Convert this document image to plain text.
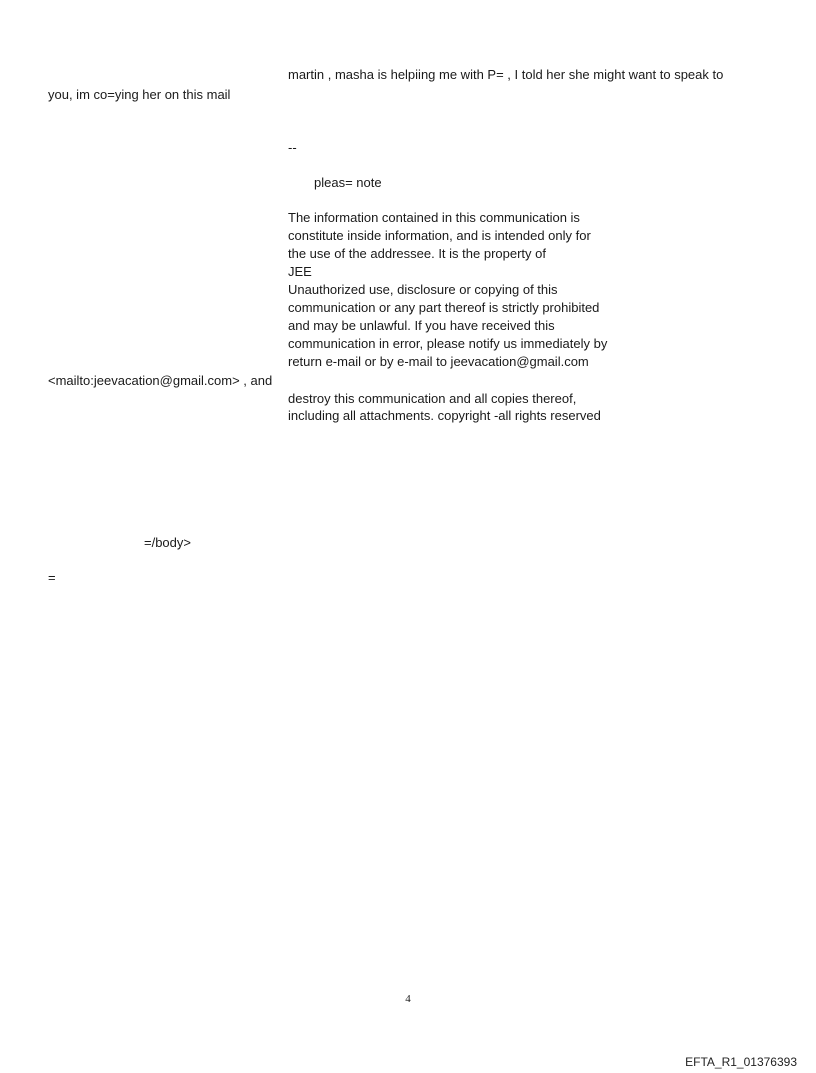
martin , masha is helpiing me with P= , I told her she might want to speak to
you, im co=ying her on this mail
--
pleas= note
The information contained in this communication is
constitute inside information, and is intended only for
the use of the addressee. It is the property of
JEE
Unauthorized use, disclosure or copying of this
communication or any part thereof is strictly prohibited
and may be unlawful. If you have received this
communication in error, please notify us immediately by
return e-mail or by e-mail to jeevacation@gmail.com
<mailto:jeevacation@gmail.com> , and
destroy this communication and all copies thereof,
including all attachments. copyright -all rights reserved
=/body>
=
4
EFTA_R1_01376393
